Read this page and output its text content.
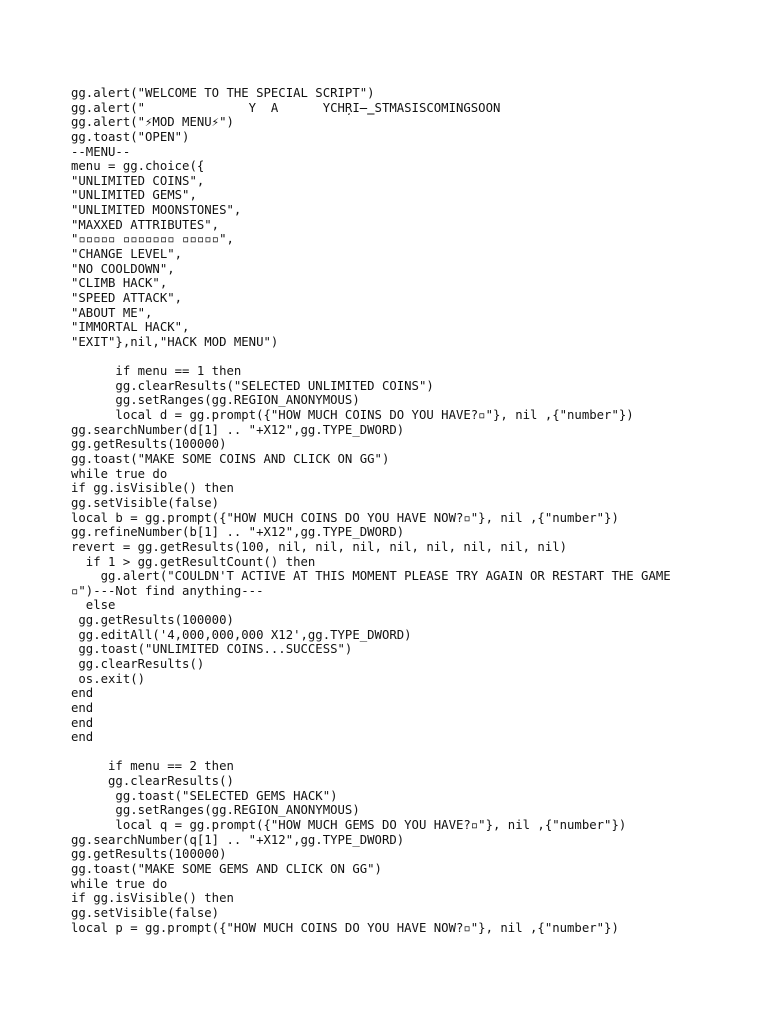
gg.alert("WELCOME TO THE SPECIAL SCRIPT")
gg.alert("              Y  A      YCHŖI̶̳STMASISCOMINGSOON
gg.alert("⚡MOD MENU⚡")
gg.toast("OPEN")
--MENU--
menu = gg.choice({
"UNLIMITED COINS",
"UNLIMITED GEMS",
"UNLIMITED MOONSTONES",
"MAXXED ATTRIBUTES",
"▫▫▫▫▫ ▫▫▫▫▫▫▫ ▫▫▫▫▫",
"CHANGE LEVEL",
"NO COOLDOWN",
"CLIMB HACK",
"SPEED ATTACK",
"ABOUT ME",
"IMMORTAL HACK",
"EXIT"},nil,"HACK MOD MENU")
if menu == 1 then
gg.clearResults("SELECTED UNLIMITED COINS")
gg.setRanges(gg.REGION_ANONYMOUS)
local d = gg.prompt({"HOW MUCH COINS DO YOU HAVE?▫"}, nil ,{"number"})
gg.searchNumber(d[1] .. "+X12",gg.TYPE_DWORD)
gg.getResults(100000)
gg.toast("MAKE SOME COINS AND CLICK ON GG")
while true do
if gg.isVisible() then
gg.setVisible(false)
local b = gg.prompt({"HOW MUCH COINS DO YOU HAVE NOW?▫"}, nil ,{"number"})
gg.refineNumber(b[1] .. "+X12",gg.TYPE_DWORD)
revert = gg.getResults(100, nil, nil, nil, nil, nil, nil, nil, nil)
if 1 > gg.getResultCount() then
gg.alert("COULDN'T ACTIVE AT THIS MOMENT PLEASE TRY AGAIN OR RESTART THE GAME
▫")---Not find anything---
else
gg.getResults(100000)
gg.editAll('4,000,000,000 X12',gg.TYPE_DWORD)
gg.toast("UNLIMITED COINS...SUCCESS")
gg.clearResults()
os.exit()
end
end
end
end
if menu == 2 then
gg.clearResults()
gg.toast("SELECTED GEMS HACK")
gg.setRanges(gg.REGION_ANONYMOUS)
local q = gg.prompt({"HOW MUCH GEMS DO YOU HAVE?▫"}, nil ,{"number"})
gg.searchNumber(q[1] .. "+X12",gg.TYPE_DWORD)
gg.getResults(100000)
gg.toast("MAKE SOME GEMS AND CLICK ON GG")
while true do
if gg.isVisible() then
gg.setVisible(false)
local p = gg.prompt({"HOW MUCH COINS DO YOU HAVE NOW?▫"}, nil ,{"number"})
